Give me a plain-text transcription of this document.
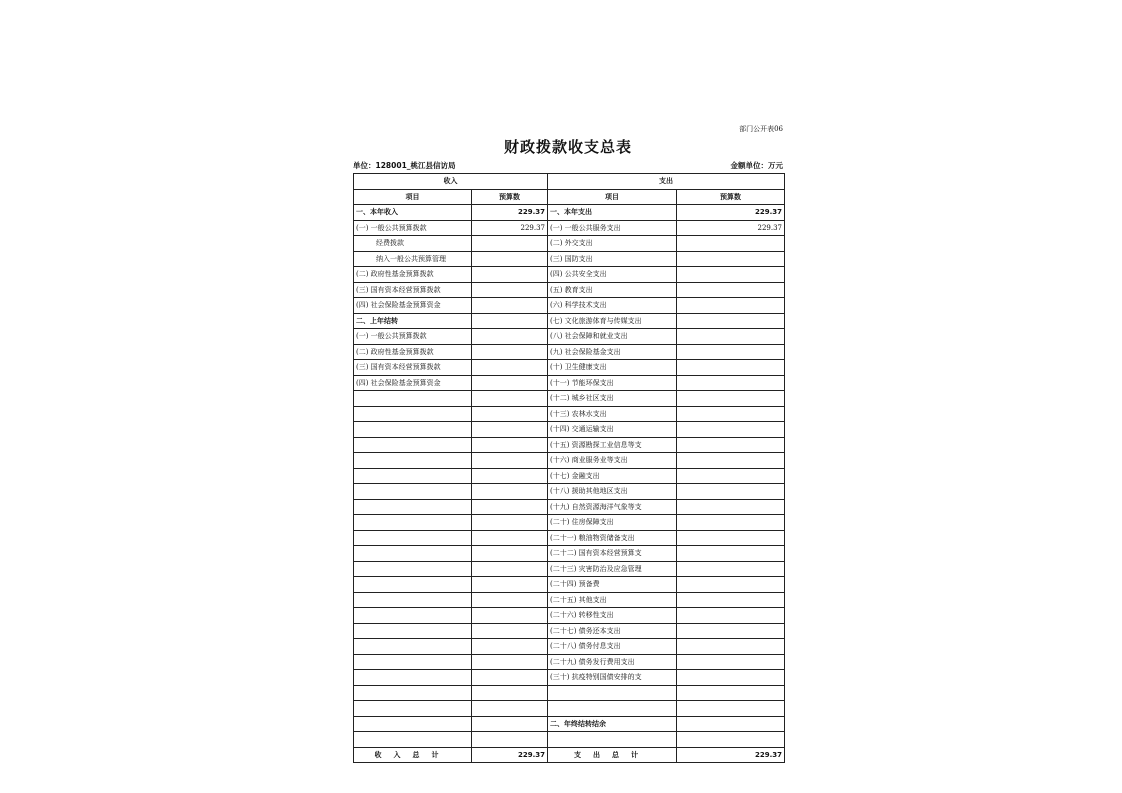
部门公开表06
财政拨款收支总表
单位：128001_桃江县信访局	金额单位：万元
收入		支出	
项目	预算数	项目	预算数
一、本年收入	229.37	一、本年支出	229.37
(一) 一般公共预算拨款	229.37	(一) 一般公共服务支出	229.37
经费拨款		(二) 外交支出	
纳入一般公共预算管理		(三) 国防支出	
(二) 政府性基金预算拨款		(四) 公共安全支出	
(三) 国有资本经营预算拨款		(五) 教育支出	
(四) 社会保险基金预算资金		(六) 科学技术支出	
二、上年结转		(七) 文化旅游体育与传媒支出	
(一) 一般公共预算拨款		(八) 社会保障和就业支出	
(二) 政府性基金预算拨款		(九) 社会保险基金支出	
(三) 国有资本经营预算拨款		(十) 卫生健康支出	
(四) 社会保险基金预算资金		(十一) 节能环保支出	
		(十二) 城乡社区支出	
		(十三) 农林水支出	
		(十四) 交通运输支出	
		(十五) 资源勘探工业信息等支	
		(十六) 商业服务业等支出	
		(十七) 金融支出	
		(十八) 援助其他地区支出	
		(十九) 自然资源海洋气象等支	
		(二十) 住房保障支出	
		(二十一) 粮油物资储备支出	
		(二十二) 国有资本经营预算支	
		(二十三) 灾害防治及应急管理	
		(二十四) 预备费	
		(二十五) 其他支出	
		(二十六) 转移性支出	
		(二十七) 债务还本支出	
		(二十八) 债务付息支出	
		(二十九) 债务发行费用支出	
		(三十) 抗疫特别国债安排的支	

		二、年终结转结余	

收入总计	229.37	支出总计	229.37
